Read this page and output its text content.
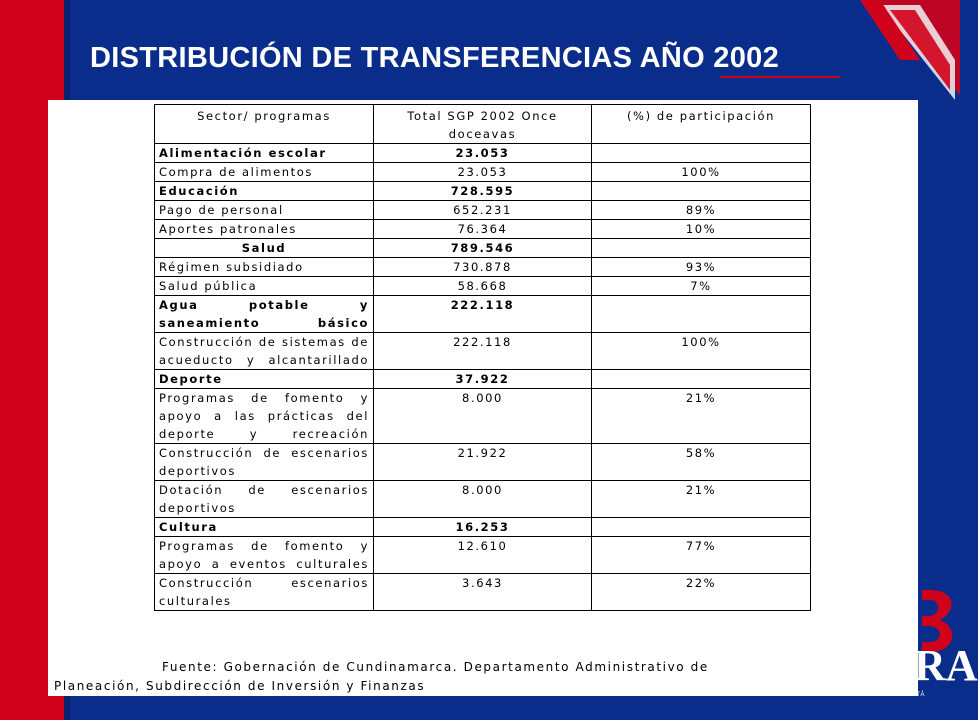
DISTRIBUCIÓN DE TRANSFERENCIAS AÑO 2002
Sector/ programas	Total SGP 2002 Once doceavas	(%) de participación
Alimentación escolar	23.053	
Compra de alimentos	23.053	100%
Educación	728.595	
Pago de personal	652.231	89%
Aportes patronales	76.364	10%
Salud	789.546	
Régimen subsidiado	730.878	93%
Salud pública	58.668	7%
Agua potable y saneamiento básico	222.118	
Construcción de sistemas de acueducto y alcantarillado	222.118	100%
Deporte	37.922	
Programas de fomento y apoyo a las prácticas del deporte y recreación	8.000	21%
Construcción de escenarios deportivos	21.922	58%
Dotación de escenarios deportivos	8.000	21%
Cultura	16.253	
Programas de fomento y apoyo a eventos culturales	12.610	77%
Construcción escenarios culturales	3.643	22%
Fuente: Gobernación de Cundinamarca. Departamento Administrativo de
Planeación, Subdirección de Inversión y Finanzas	RA
DE COMERCIO DE BOGOTÁ
